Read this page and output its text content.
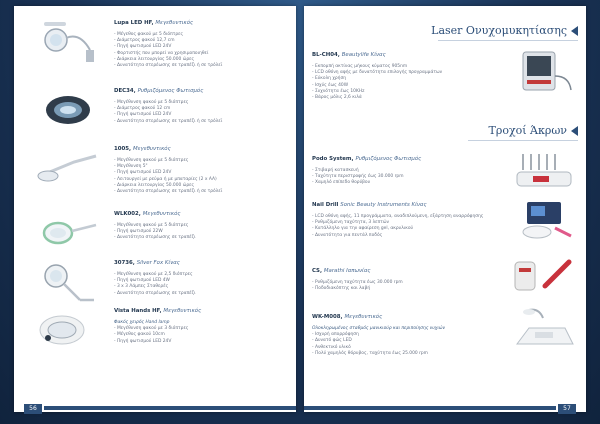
Lupa LED HF, Μεγεθυντικός
- Μέγεθος φακού με 5 διόπτρες
- Διάμετρος φακού 12,7 cm
- Πηγή φωτισμού LED 24V
- Φορτιστής που μπορεί να χρησιμοποιηθεί
- Διάρκεια λειτουργίας 50.000 ώρες
- Δυνατότητα στερέωσης σε τραπέζι ή σε τρόλεϊ
DEC34, Ρυθμιζόμενος Φωτισμός
- Μεγέθυνση φακού με 5 διόπτρες
- Διάμετρος φακού 12 cm
- Πηγή φωτισμού LED 24V
- Δυνατότητα στερέωσης σε τραπέζι ή σε τρόλεϊ
1005, Μεγεθυντικός
- Μεγέθυνση φακού με 5 διόπτρες
- Μεγέθυνση 5"
- Πηγή φωτισμού LED 24V
- Λειτουργεί με ρεύμα ή με μπαταρίες (2 x AA)
- Διάρκεια λειτουργίας 50.000 ώρες
- Δυνατότητα στερέωσης σε τραπέζι ή σε τρόλεϊ
WLK002, Μεγεθυντικός
- Μεγέθυνση φακού με 5 διόπτρες
- Πηγή φωτισμού 22W
- Δυνατότητα στερέωσης σε τραπέζι
30736, Silver Fox Κίνας
- Μεγέθυνση φακού με 2,5 διόπτρες
- Πηγή φωτισμού LED 4W
- 3 x 3 Λάμπες Σταθερές
- Δυνατότητα στερέωσης σε τραπέζι
Vista Hands HF, Μεγεθυντικός
Φακός χειρός Hand lamp
- Μεγέθυνση φακού με 3 διόπτρες
- Μέγεθος φακού 10cm
- Πηγή φωτισμού LED 24V
56
Laser Ονυχομυκητίασης
BL-CH04, Beautylife Κίνας
- Εκπομπή ακτίνας μήκους κύματος 905nm
- LCD οθόνη αφής με δυνατότητα επιλογής προγραμμάτων
- Εύκολη χρήση
- Ισχύς έως 40W
- Συχνότητα έως 10KHz
- Βάρος μόλις 2,6 κιλά
Τροχοί Άκρων
Podo System, Ρυθμιζόμενος Φωτισμός
- Στιβαρή κατασκευή
- Ταχύτητα περιστροφής έως 30.000 rpm
- Χαμηλό επίπεδο θορύβου
Nail Drill Sonic Beauty Instruments Κίνας
- LCD οθόνη αφής, 11 προγράμματα, αναδιπλούμενη, εξάρτηση αναρρόφησης
- Ρυθμιζόμενη ταχύτητα, 3 λεπτών
- Κατάλληλο για την αφαίρεση gel, ακρυλικού
- Δυνατότητα για πεντάλ ποδός
CS, Marathi Ιαπωνίας
- Ρυθμιζόμενη ταχύτητα έως 30.000 rpm
- Ποδοδιακόπτης και λαβή
WK-M008, Μεγεθυντικός
Ολοκληρωμένος σταθμός μανικιούρ και περιποίησης νυχιών
- Ισχυρή απορρόφηση
- Δυνατό φώς LED
- Ανθεκτικό υλικό
- Πολύ χαμηλός θόρυβος, ταχύτητα έως 25.000 rpm
57
